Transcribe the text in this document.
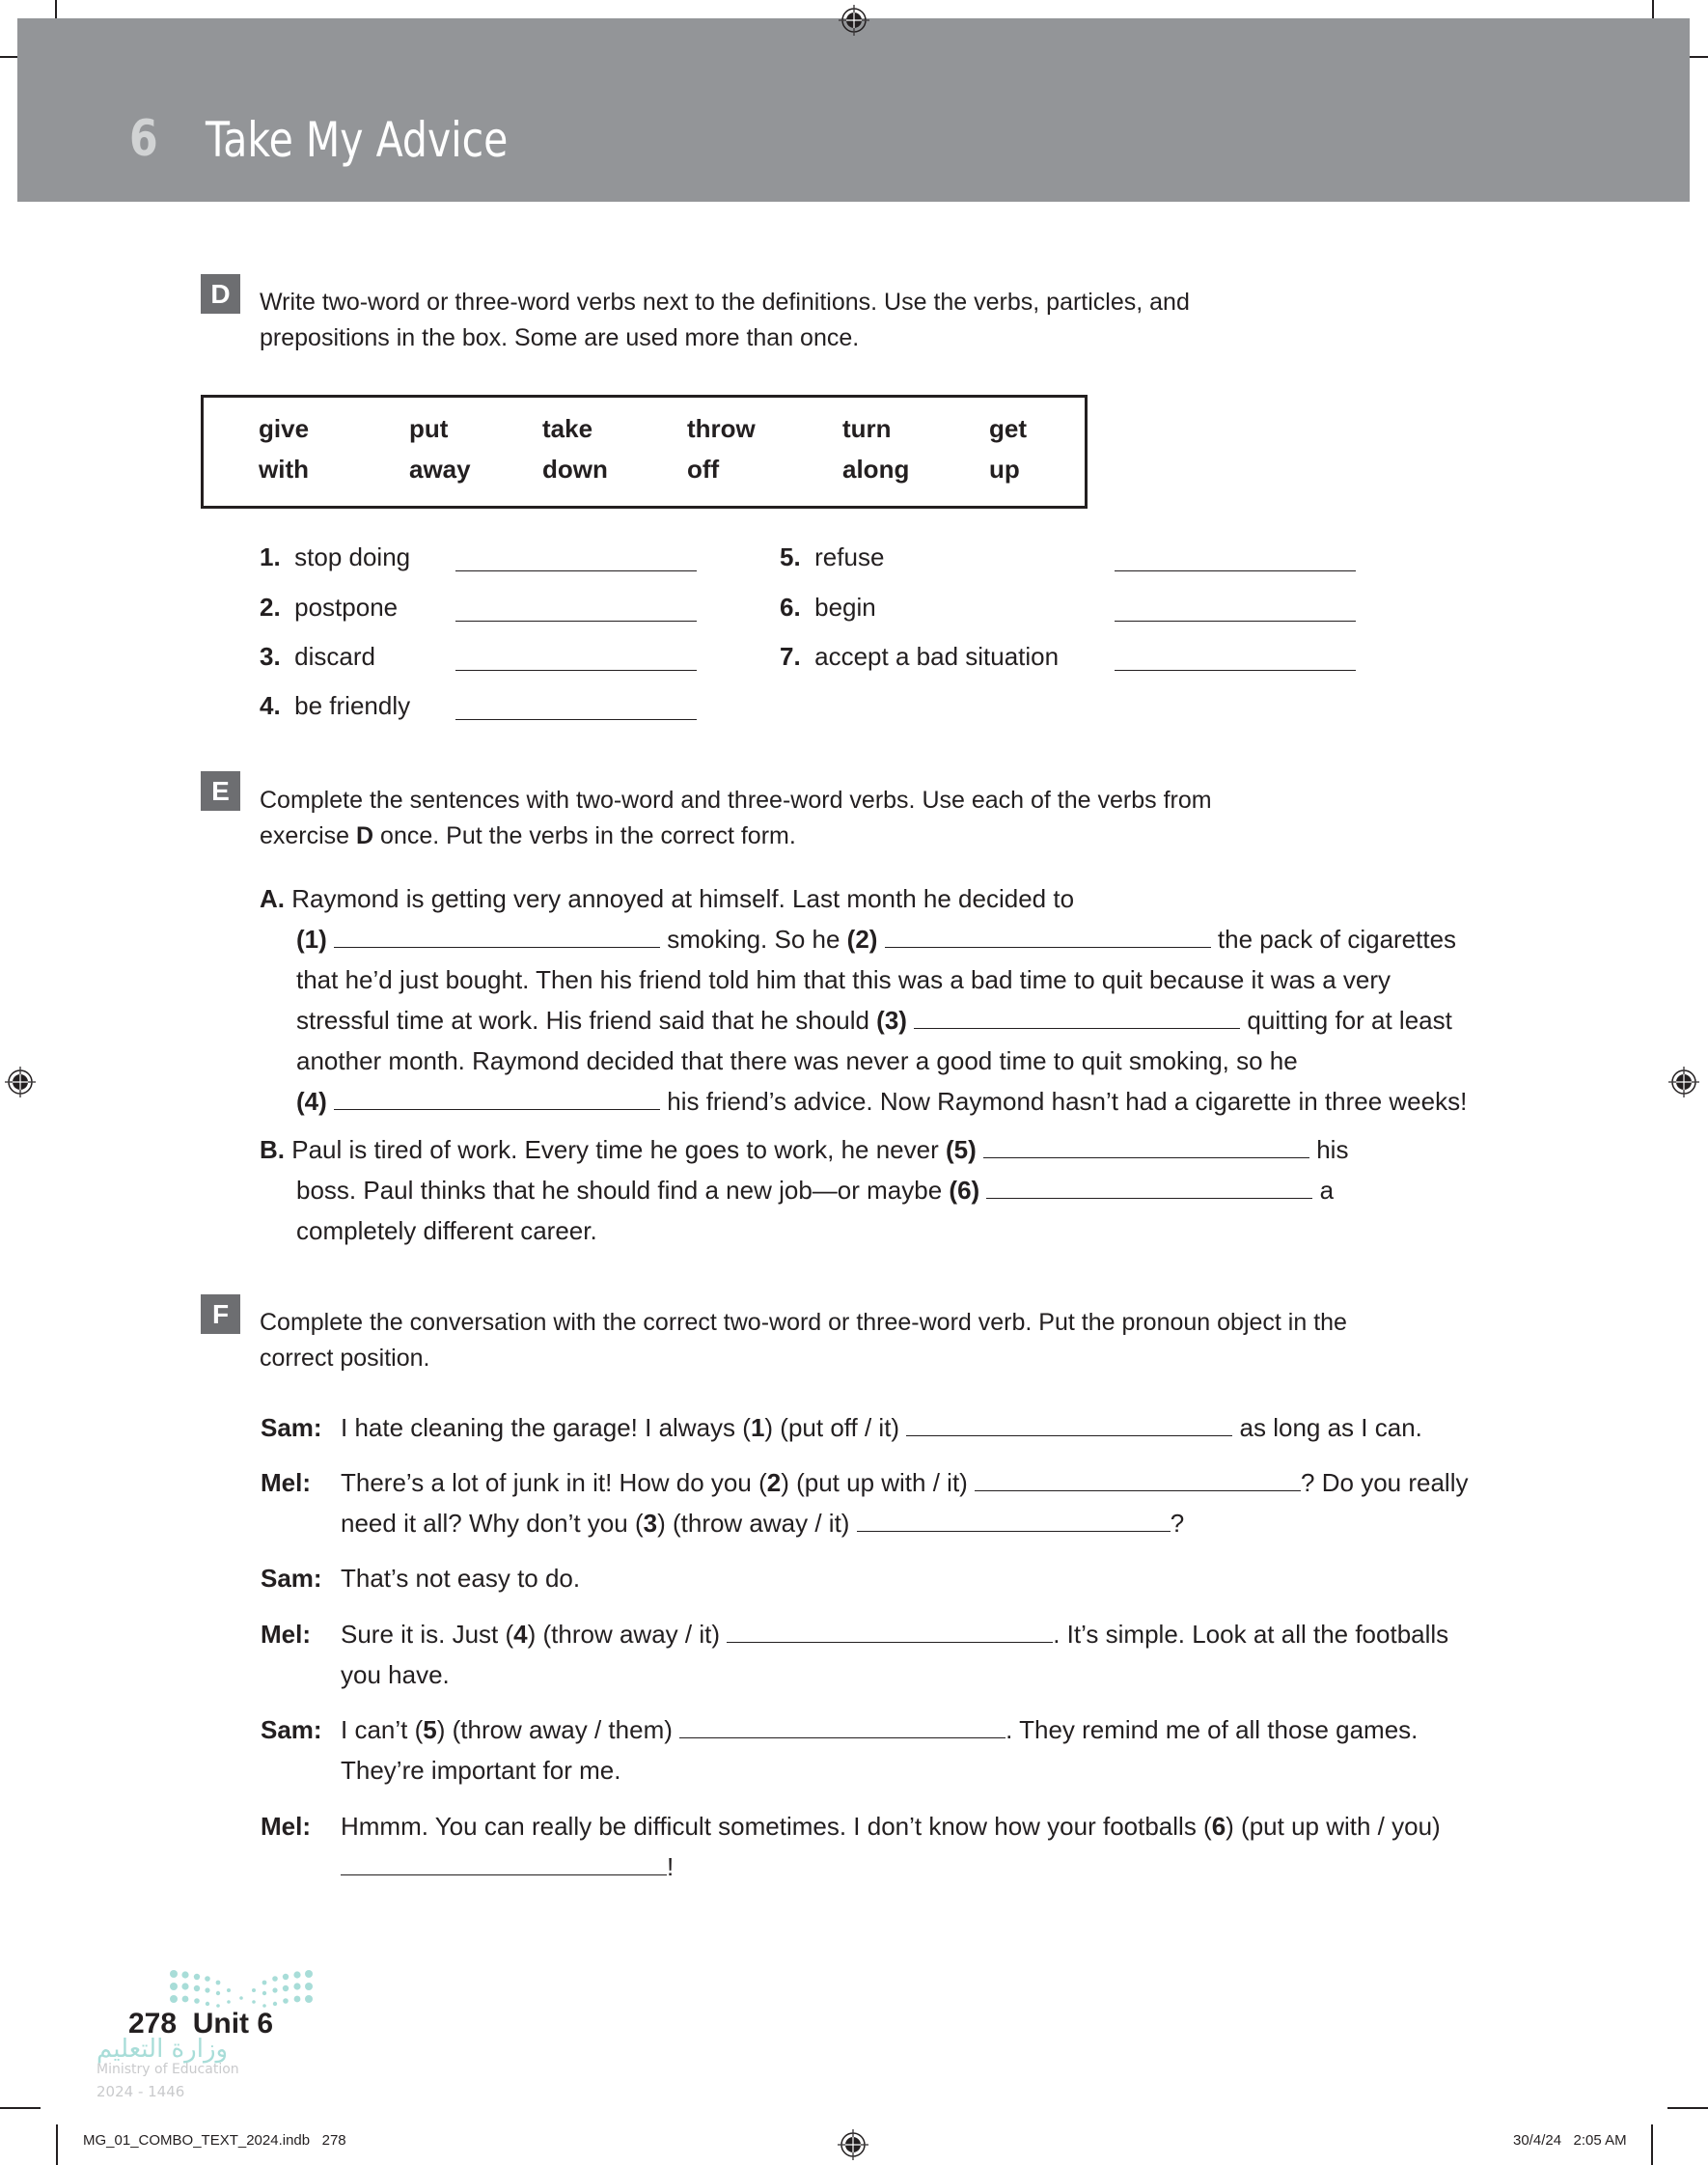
6 Take My Advice
D	Write two-word or three-word verbs next to the definitions. Use the verbs, particles, and
prepositions in the box. Some are used more than once.
give	put	take	throw	turn	get
with	away	down	off	along	up
1. stop doing
2. postpone
3. discard
4. be friendly
5. refuse
6. begin
7. accept a bad situation
E	Complete the sentences with two-word and three-word verbs. Use each of the verbs from
exercise D once. Put the verbs in the correct form.
A. Raymond is getting very annoyed at himself. Last month he decided to
(1)	smoking. So he (2)	the pack of cigarettes
that he’d just bought. Then his friend told him that this was a bad time to quit because it was a very
stressful time at work. His friend said that he should (3)	quitting for at least
another month. Raymond decided that there was never a good time to quit smoking, so he
(4)	his friend’s advice. Now Raymond hasn’t had a cigarette in three weeks!
B. Paul is tired of work. Every time he goes to work, he never (5)	his
boss. Paul thinks that he should find a new job—or maybe (6)	a
completely different career.
F	Complete the conversation with the correct two-word or three-word verb. Put the pronoun object in the
correct position.
Sam: I hate cleaning the garage! I always (1) (put off / it)	as long as I can.
Mel: There’s a lot of junk in it! How do you (2) (put up with / it)	? Do you really
need it all? Why don’t you (3) (throw away / it)	?
Sam: That’s not easy to do.
Mel: Sure it is. Just (4) (throw away / it)	. It’s simple. Look at all the footballs
you have.
Sam: I can’t (5) (throw away / them)	. They remind me of all those games.
They’re important for me.
Mel: Hmmm. You can really be difficult sometimes. I don’t know how your footballs (6) (put up with / you)
!
278 Unit 6
وزارة التعليم
Ministry of Education
2024 - 1446
MG_01_COMBO_TEXT_2024.indb   278	30/4/24   2:05 AM
